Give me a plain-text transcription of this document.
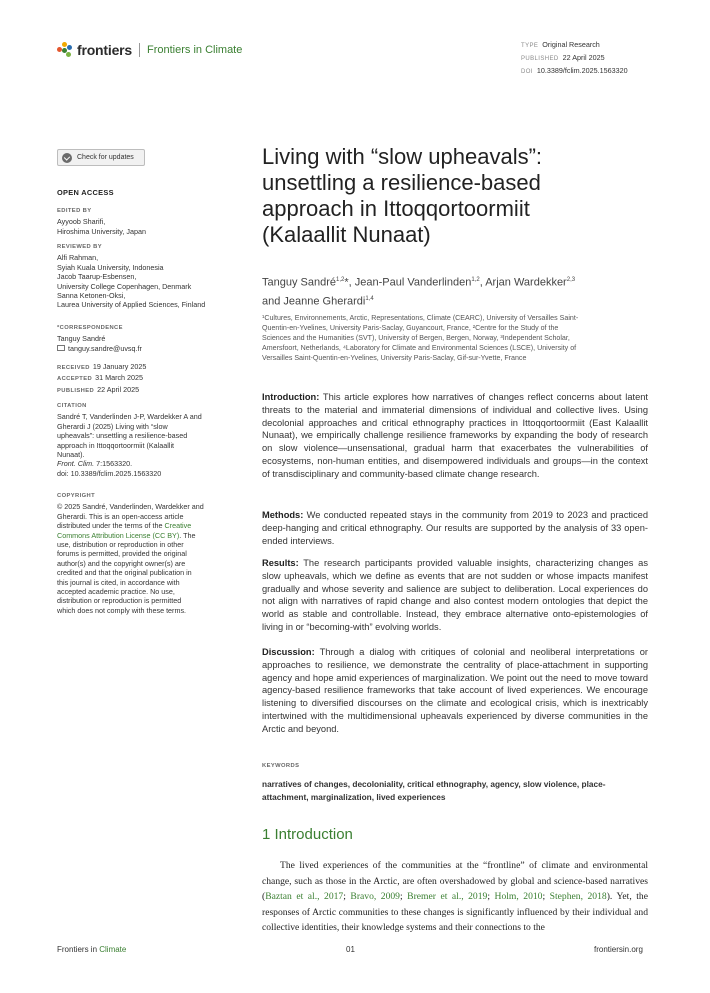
frontiers Frontiers in Climate	TYPE Original Research
PUBLISHED 22 April 2025
DOI 10.3389/fclim.2025.1563320
Check for updates
OPEN ACCESS
EDITED BY
Ayyoob Sharifi,
Hiroshima University, Japan
REVIEWED BY
Alfi Rahman,
Syiah Kuala University, Indonesia
Jacob Taarup-Esbensen,
University College Copenhagen, Denmark
Sanna Ketonen-Oksi,
Laurea University of Applied Sciences, Finland
*CORRESPONDENCE
Tanguy Sandré
tanguy.sandre@uvsq.fr
RECEIVED 19 January 2025
ACCEPTED 31 March 2025
PUBLISHED 22 April 2025
CITATION
Sandré T, Vanderlinden J-P, Wardekker A and
Gherardi J (2025) Living with “slow
upheavals”: unsettling a resilience-based
approach in Ittoqqortoormiit (Kalaallit
Nunaat).
Front. Clim. 7:1563320.
doi: 10.3389/fclim.2025.1563320
COPYRIGHT
© 2025 Sandré, Vanderlinden, Wardekker and
Gherardi. This is an open-access article
distributed under the terms of the Creative
Commons Attribution License (CC BY). The
use, distribution or reproduction in other
forums is permitted, provided the original
author(s) and the copyright owner(s) are
credited and that the original publication in
this journal is cited, in accordance with
accepted academic practice. No use,
distribution or reproduction is permitted
which does not comply with these terms.
Living with “slow upheavals”:
unsettling a resilience-based
approach in Ittoqqortoormiit
(Kalaallit Nunaat)
Tanguy Sandré$^{1,2}$*, Jean-Paul Vanderlinden$^{1,2}$, Arjan Wardekker$^{2,3}$
and Jeanne Gherardi$^{1,4}$
¹Cultures, Environnements, Arctic, Representations, Climate (CEARC), University of Versailles Saint-
Quentin-en-Yvelines, University Paris-Saclay, Guyancourt, France, ²Centre for the Study of the
Sciences and the Humanities (SVT), University of Bergen, Bergen, Norway, ³Independent Scholar,
Amersfoort, Netherlands, ⁴Laboratory for Climate and Environmental Sciences (LSCE), University of
Versailles Saint-Quentin-en-Yvelines, University Paris-Saclay, Gif-sur-Yvette, France
Introduction: This article explores how narratives of changes reflect concerns about latent threats to the material and immaterial dimensions of individual and collective lives. Using decolonial approaches and critical ethnography practices in Ittoqqortoormiit (East Kalaallit Nunaat), we empirically challenge resilience frameworks by expanding the body of research on slow violence—unsensational, gradual harm that exacerbates the vulnerabilities of ecosystems, non-human entities, and disempowered individuals and groups—in the context of transdisciplinary and community-based climate change research.
Methods: We conducted repeated stays in the community from 2019 to 2023 and practiced deep-hanging and critical ethnography. Our results are supported by the analysis of 33 open-ended interviews.
Results: The research participants provided valuable insights, characterizing changes as slow upheavals, which we define as events that are not sudden or whose impacts manifest gradually and whose severity and salience are subject to deliberation. Local experiences do not align with narratives of rapid change and also contest modern ontologies that depict the world as stable and controllable. Instead, they embrace alternative onto-epistemologies of living in or “becoming-with” evolving worlds.
Discussion: Through a dialog with critiques of colonial and neoliberal interpretations or approaches to resilience, we demonstrate the centrality of place-attachment in supporting agency and hope amid experiences of marginalization. We point out the need to move toward agency-based resilience frameworks that take account of lived experiences. We encourage listening to diversified discourses on the climate and ecological crisis, which is inextricably intertwined with the multidimensional upheavals experienced by diverse communities in the Arctic and beyond.
KEYWORDS
narratives of changes, decoloniality, critical ethnography, agency, slow violence, place-attachment, marginalization, lived experiences
1 Introduction
The lived experiences of the communities at the “frontline” of climate and environmental change, such as those in the Arctic, are often overshadowed by global and science-based narratives (Baztan et al., 2017; Bravo, 2009; Bremer et al., 2019; Holm, 2010; Stephen, 2018). Yet, the responses of Arctic communities to these changes is significantly influenced by their individual and collective identities, their knowledge systems and their connections to the
Frontiers in Climate	01	frontiersin.org
